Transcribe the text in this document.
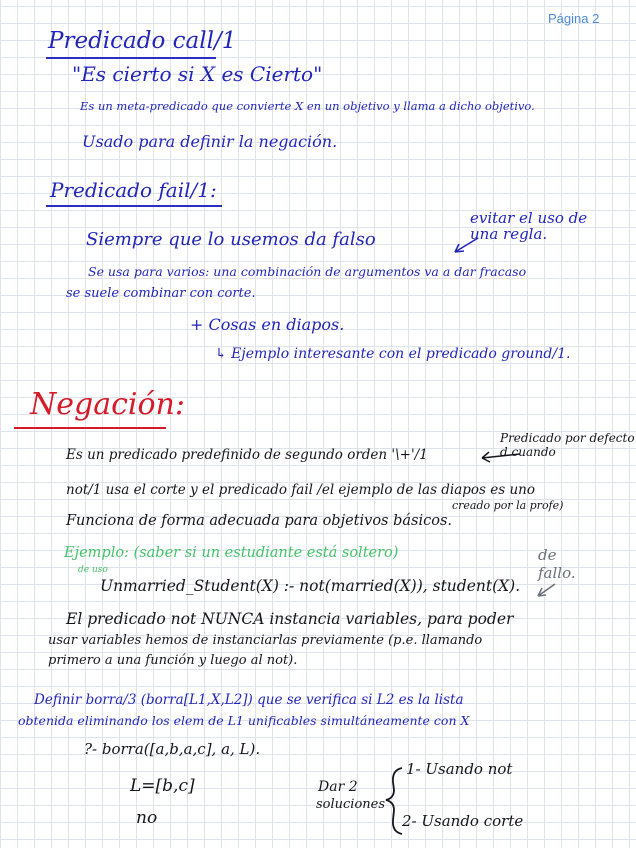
Página 2
Predicado call/1
"Es cierto si X es Cierto"
Es un meta-predicado que convierte X en un objetivo y llama a dicho objetivo.
Usado para definir la negación.
Predicado fail/1:
Siempre que lo usemos da falso
evitar el uso de una regla.
Se usa para varios: una combinación de argumentos va a dar fracaso
se suele combinar con corte.
+ Cosas en diapos.
↳ Ejemplo interesante con el predicado ground/1.
Negación:
Es un predicado predefinido de segundo orden '\+'/1
Predicado por defecto d cuando
not/1 usa el corte y el predicado fail /el ejemplo de las diapos es uno
creado por la profe)
Funciona de forma adecuada para objetivos básicos.
Ejemplo: (saber si un estudiante está soltero)
de uso
Unmarried_Student(X) :- not(married(X)), student(X).
de fallo.
El predicado not NUNCA instancia variables, para poder
usar variables hemos de instanciarlas previamente (p.e. llamando
primero a una función y luego al not).
Definir borra/3 (borra[L1,X,L2]) que se verifica si L2 es la lista
obtenida eliminando los elem de L1 unificables simultáneamente con X
?- borra([a,b,a,c], a, L).
L=[b,c]
no
Dar 2
soluciones
1- Usando not
2- Usando corte
